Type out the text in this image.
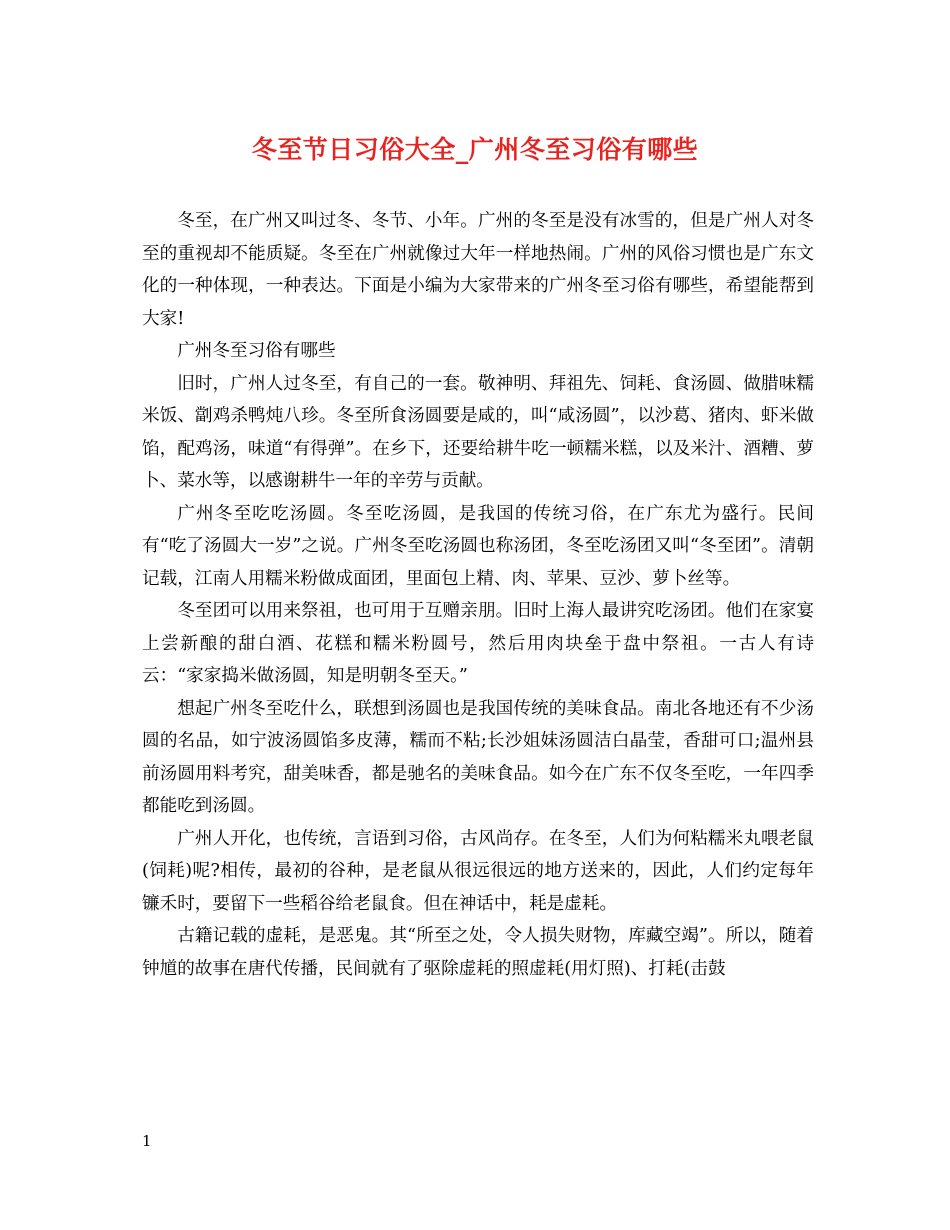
冬至节日习俗大全_广州冬至习俗有哪些

冬至，在广州又叫过冬、冬节、小年。广州的冬至是没有冰雪的，但是广州人对冬至的重视却不能质疑。冬至在广州就像过大年一样地热闹。广州的风俗习惯也是广东文化的一种体现，一种表达。下面是小编为大家带来的广州冬至习俗有哪些，希望能帮到大家!

广州冬至习俗有哪些

旧时，广州人过冬至，有自己的一套。敬神明、拜祖先、饲耗、食汤圆、做腊味糯米饭、劏鸡杀鸭炖八珍。冬至所食汤圆要是咸的，叫“咸汤圆”，以沙葛、猪肉、虾米做馅，配鸡汤，味道“有得弹”。在乡下，还要给耕牛吃一顿糯米糕，以及米汁、酒糟、萝卜、菜水等，以感谢耕牛一年的辛劳与贡献。

广州冬至吃吃汤圆。冬至吃汤圆，是我国的传统习俗，在广东尤为盛行。民间有“吃了汤圆大一岁”之说。广州冬至吃汤圆也称汤团，冬至吃汤团又叫“冬至团”。清朝记载，江南人用糯米粉做成面团，里面包上精、肉、苹果、豆沙、萝卜丝等。

冬至团可以用来祭祖，也可用于互赠亲朋。旧时上海人最讲究吃汤团。他们在家宴上尝新酿的甜白酒、花糕和糯米粉圆号，然后用肉块垒于盘中祭祖。一古人有诗云：“家家捣米做汤圆，知是明朝冬至天。”

想起广州冬至吃什么，联想到汤圆也是我国传统的美味食品。南北各地还有不少汤圆的名品，如宁波汤圆馅多皮薄，糯而不粘;长沙姐妹汤圆洁白晶莹，香甜可口;温州县前汤圆用料考究，甜美味香，都是驰名的美味食品。如今在广东不仅冬至吃，一年四季都能吃到汤圆。

广州人开化，也传统，言语到习俗，古风尚存。在冬至，人们为何粘糯米丸喂老鼠(饲耗)呢?相传，最初的谷种，是老鼠从很远很远的地方送来的，因此，人们约定每年镰禾时，要留下一些稻谷给老鼠食。但在神话中，耗是虚耗。

古籍记载的虚耗，是恶鬼。其“所至之处，令人损失财物，库藏空竭”。所以，随着钟馗的故事在唐代传播，民间就有了驱除虚耗的照虚耗(用灯照)、打耗(击鼓

1
